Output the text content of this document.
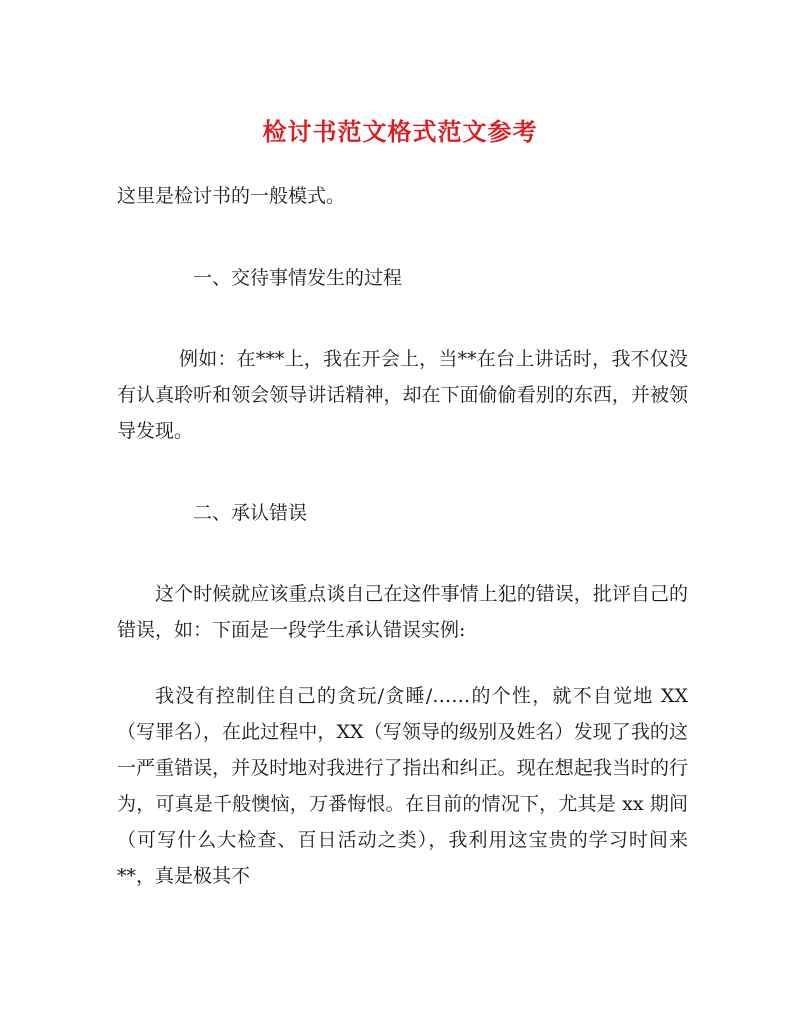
检讨书范文格式范文参考

这里是检讨书的一般模式。

一、交待事情发生的过程

例如：在***上，我在开会上，当**在台上讲话时，我不仅没有认真聆听和领会领导讲话精神，却在下面偷偷看别的东西，并被领导发现。

二、承认错误

这个时候就应该重点谈自己在这件事情上犯的错误，批评自己的错误，如：下面是一段学生承认错误实例:

我没有控制住自己的贪玩/贪睡/……的个性，就不自觉地 XX（写罪名），在此过程中，XX（写领导的级别及姓名）发现了我的这一严重错误，并及时地对我进行了指出和纠正。现在想起我当时的行为，可真是千般懊恼，万番悔恨。在目前的情况下，尤其是 xx 期间（可写什么大检查、百日活动之类），我利用这宝贵的学习时间来**，真是极其不
